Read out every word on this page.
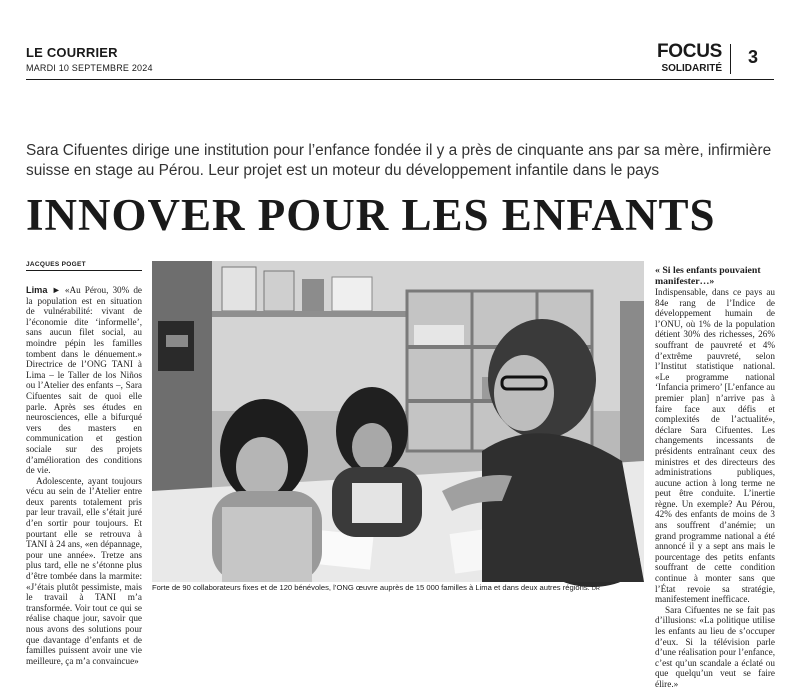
LE COURRIER
MARDI 10 SEPTEMBRE 2024
FOCUS
SOLIDARITÉ
3
Sara Cifuentes dirige une institution pour l’enfance fondée il y a près de cinquante ans par sa mère, infirmière suisse en stage au Pérou. Leur projet est un moteur du développement infantile dans le pays
INNOVER POUR LES ENFANTS
JACQUES POGET

Lima ► «Au Pérou, 30% de la population est en situation de vulnérabilité: vivant de l’économie dite ‘informelle’, sans aucun filet social, au moindre pépin les familles tombent dans le dénuement.» Directrice de l’ONG TANI à Lima – le Taller de los Niños ou l’Atelier des enfants –, Sara Cifuentes sait de quoi elle parle. Après ses études en neurosciences, elle a bifurqué vers des masters en communication et gestion sociale sur des projets d’amélioration des conditions de vie.

Adolescente, ayant toujours vécu au sein de l’Atelier entre deux parents totalement pris par leur travail, elle s’était juré d’en sortir pour toujours. Et pourtant elle se retrouva à TANI à 24 ans, «en dépannage, pour une année». Tretze ans plus tard, elle ne s’étonne plus d’être tombée dans la marmite: «J’étais plutôt pessimiste, mais le travail à TANI m’a transformée. Voir tout ce qui se réalise chaque jour, savoir que nous avons des solutions pour que davantage d’enfants et de familles puissent avoir une vie meilleure, ça m’a convaincue»

Forte de 90 collaborateurs fixes et de 120 bénévoles, l’ONG œuvre auprès de 15 000 familles à Lima et dans deux autres régions. DR

« Si les enfants pouvaient manifester…»

Indispensable, dans ce pays au 84e rang de l’Indice de développement humain de l’ONU, où 1% de la population détient 30% des richesses, 26% souffrant de pauvreté et 4% d’extrême pauvreté, selon l’Institut statistique national. «Le programme national ‘Infancia primero’ [L’enfance au premier plan] n’arrive pas à faire face aux défis et complexités de l’actualité», déclare Sara Cifuentes. Les changements incessants de présidents entraînant ceux des ministres et des directeurs des administrations publiques, aucune action à long terme ne peut être conduite. L’inertie règne. Un exemple? Au Pérou, 42% des enfants de moins de 3 ans souffrent d’anémie; un grand programme national a été annoncé il y a sept ans mais le pourcentage des petits enfants souffrant de cette condition continue à monter sans que l’État revoie sa stratégie, manifestement inefficace.

Sara Cifuentes ne se fait pas d’illusions: «La politique utilise les enfants au lieu de s’occuper d’eux. Si la télévision parle d’une réalisation pour l’enfance, c’est qu’un scandale a éclaté ou que quelqu’un veut se faire élire.»
